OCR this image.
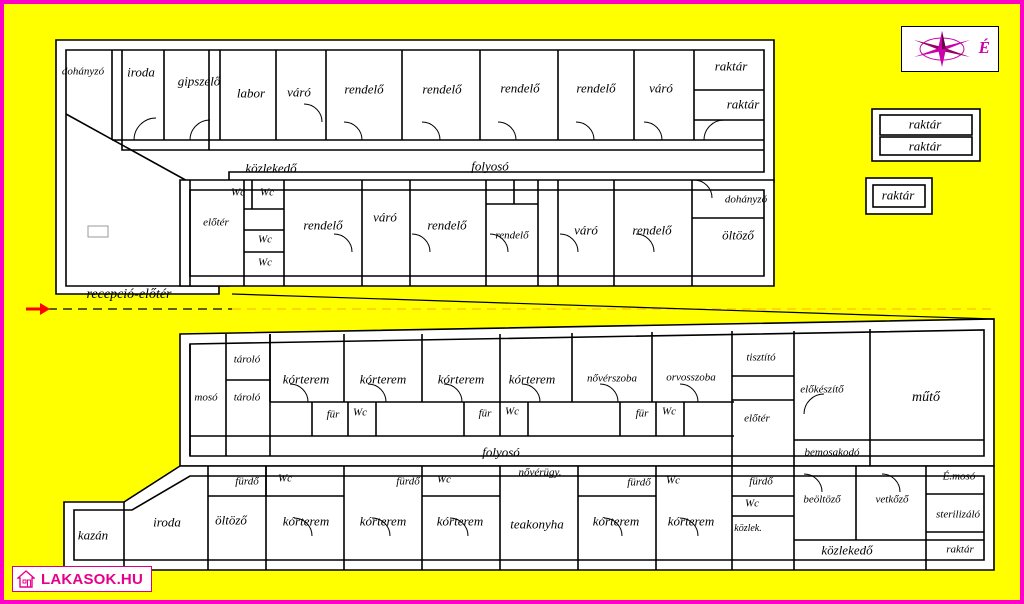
közlekedő	folyosó
recepció-előtér
folyosó
közlekedő
közlek.
dohányzó iroda
gipszelő
labor váró	rendelő	rendelő	rendelő	rendelő	váró
raktár
raktár
Wc Wc
előtér
Wc
Wc
rendelő
váró
rendelő
rendelő	váró	rendelő
dohányzó
öltöző
tároló
mosó tároló
kórterem kórterem kórterem kórterem	nővérszoba	orvosszoba
für Wc	für Wc	für Wc
tisztító
előkészítő
előtér
műtő
bemosakodó
kazán
iroda	öltöző
fürdő Wc
kórterem
fürdő Wc
kórterem kórterem
nővérügy.
teakonyha
fürdő Wc
kórterem kórterem
fürdő
Wc	beöltöző	vetkőző
É.mosó
sterilizáló
raktár
raktár
raktár
raktár
É
LAKASOK.HU
